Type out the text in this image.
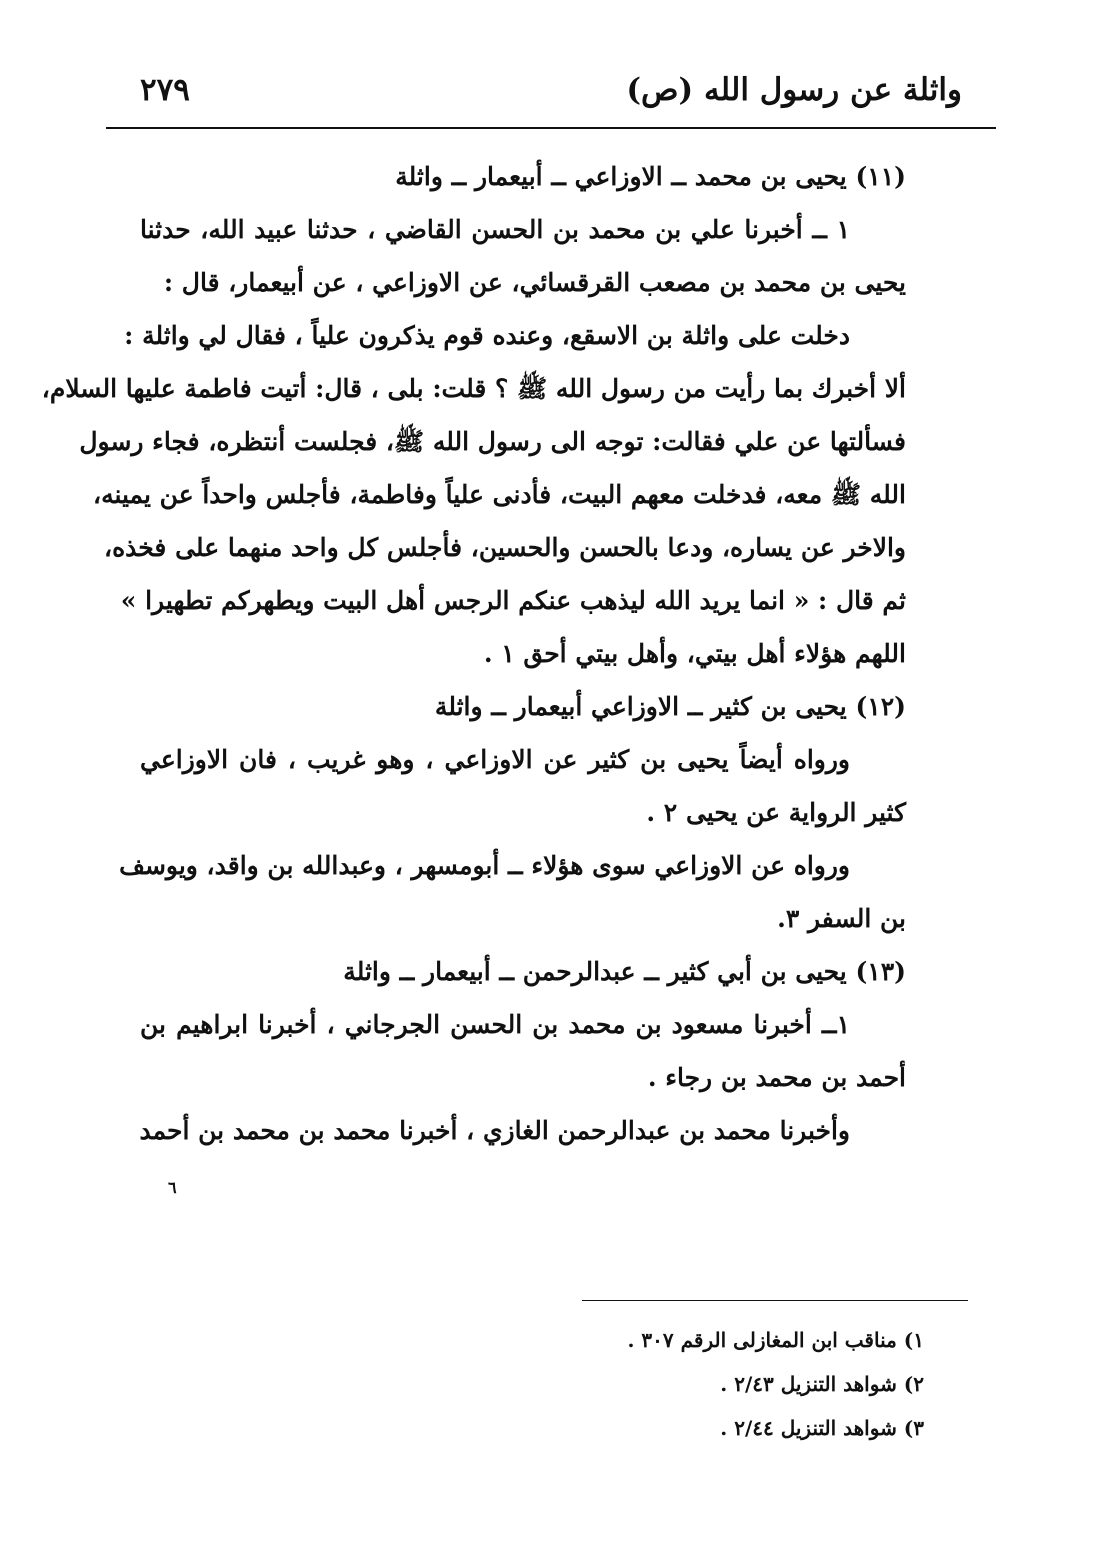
واثلة عن رسول الله (ص)
٢٧٩

(١١) يحيى بن محمد ــ الاوزاعي ــ أبيعمار ــ واثلة

١ ــ أخبرنا علي بن محمد بن الحسن القاضي ، حدثنا عبيد الله، حدثنا
يحيى بن محمد بن مصعب القرقسائي، عن الاوزاعي ، عن أبيعمار، قال :
دخلت على واثلة بن الاسقع، وعنده قوم يذكرون علياً ، فقال لي واثلة :
ألا أخبرك بما رأيت من رسول الله ﷺ ؟ قلت: بلى ، قال: أتيت فاطمة عليها السلام،
فسألتها عن علي فقالت: توجه الى رسول الله ﷺ، فجلست أنتظره، فجاء رسول
الله ﷺ معه، فدخلت معهم البيت، فأدنى علياً وفاطمة، فأجلس واحداً عن يمينه،
والاخر عن يساره، ودعا بالحسن والحسين، فأجلس كل واحد منهما على فخذه،
ثم قال : « انما يريد الله ليذهب عنكم الرجس أهل البيت ويطهركم تطهيرا »
اللهم هؤلاء أهل بيتي، وأهل بيتي أحق ١ .

(١٢) يحيى بن كثير ــ الاوزاعي أبيعمار ــ واثلة

ورواه أيضاً يحيى بن كثير عن الاوزاعي ، وهو غريب ، فان الاوزاعي
كثير الرواية عن يحيى ٢ .
ورواه عن الاوزاعي سوى هؤلاء ــ أبومسهر ، وعبدالله بن واقد، ويوسف
بن السفر ٣.

(١٣) يحيى بن أبي كثير ــ عبدالرحمن ــ أبيعمار ــ واثلة

١ــ أخبرنا مسعود بن محمد بن الحسن الجرجاني ، أخبرنا ابراهيم بن
أحمد بن محمد بن رجاء .
وأخبرنا محمد بن عبدالرحمن الغازي ، أخبرنا محمد بن محمد بن أحمد
٦
١) مناقب ابن المغازلى الرقم ٣٠٧ .
٢) شواهد التنزيل ٢/٤٣ .
٣) شواهد التنزيل ٢/٤٤ .
